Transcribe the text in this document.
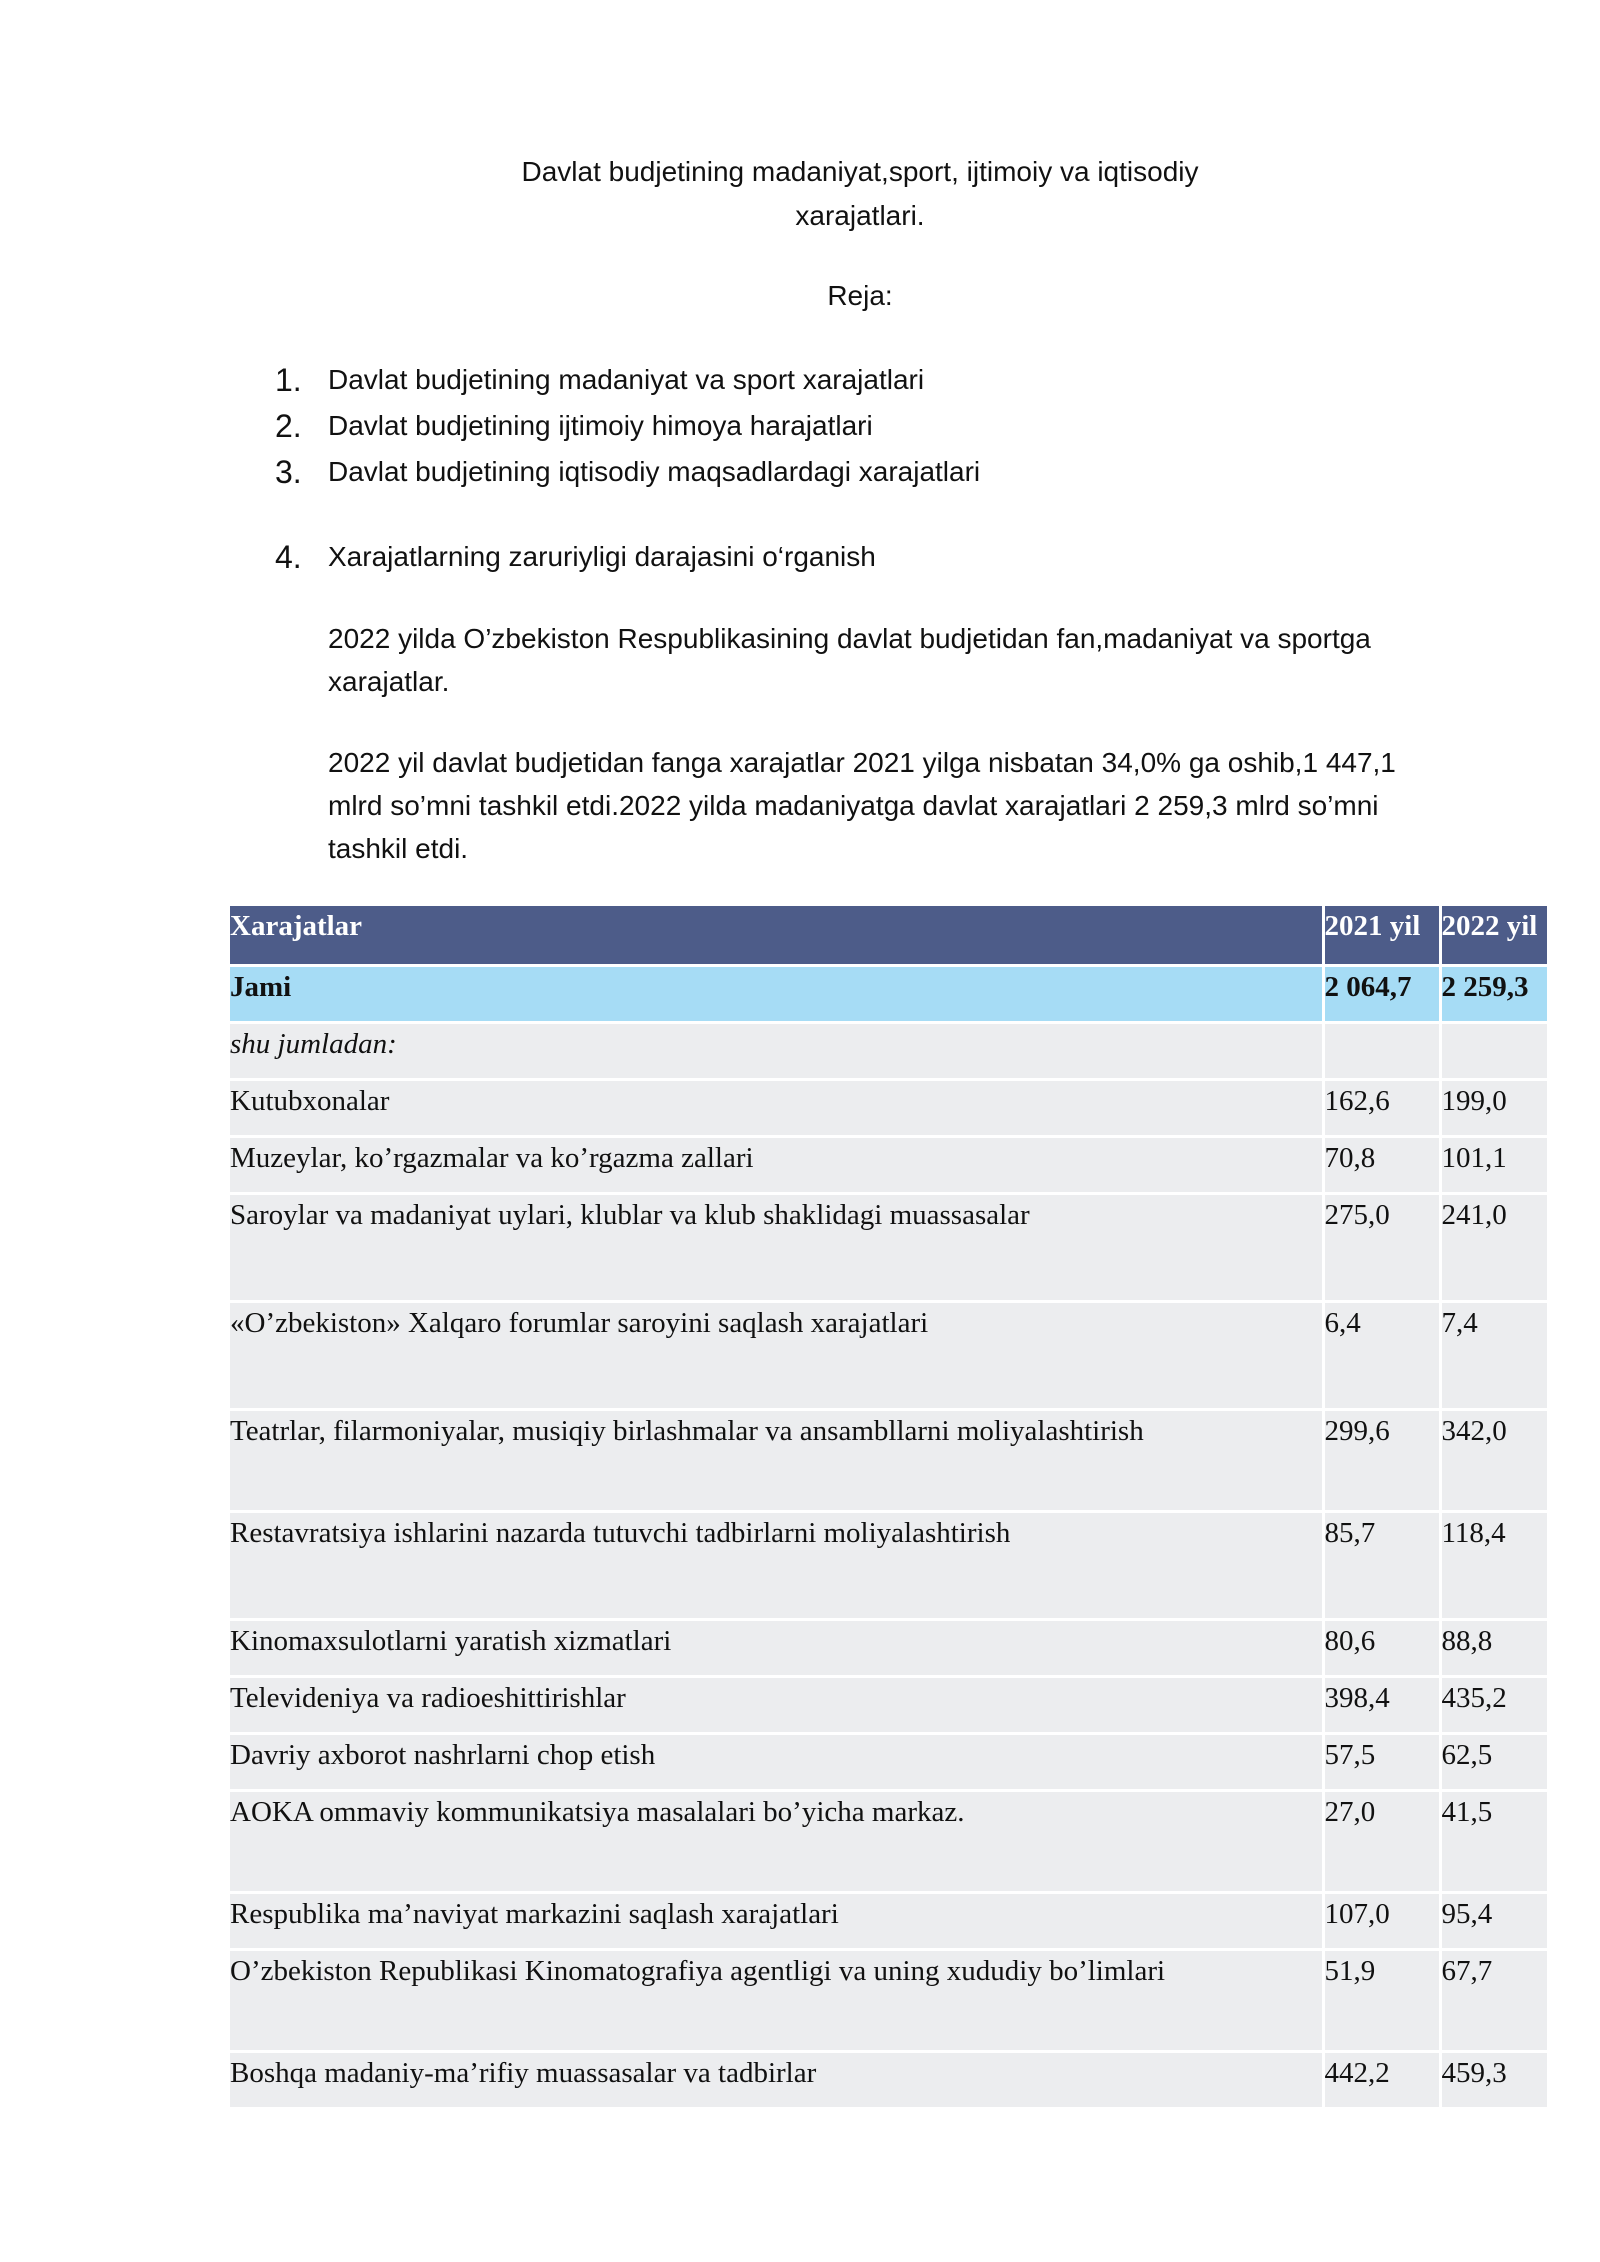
Davlat budjetining madaniyat,sport, ijtimoiy va iqtisodiy
xarajatlari.
Reja:
1. Davlat budjetining madaniyat va sport xarajatlari
2. Davlat budjetining ijtimoiy himoya harajatlari
3. Davlat budjetining iqtisodiy maqsadlardagi xarajatlari
4. Xarajatlarning zaruriyligi darajasini o‘rganish
2022 yilda O’zbekiston Respublikasining davlat budjetidan fan,madaniyat va sportga
xarajatlar.
2022 yil davlat budjetidan fanga xarajatlar 2021 yilga nisbatan 34,0% ga oshib,1 447,1
mlrd so’mni tashkil etdi.2022 yilda madaniyatga davlat xarajatlari 2 259,3 mlrd so’mni
tashkil etdi.
Xarajatlar	2021 yil	2022 yil
Jami	2 064,7	2 259,3
shu jumladan:		
Kutubxonalar	162,6	199,0
Muzeylar, ko’rgazmalar va ko’rgazma zallari	70,8	101,1
Saroylar va madaniyat uylari, klublar va klub shaklidagi muassasalar	275,0	241,0
«O’zbekiston» Xalqaro forumlar saroyini saqlash xarajatlari	6,4	7,4
Teatrlar, filarmoniyalar, musiqiy birlashmalar va ansambllarni moliyalashtirish	299,6	342,0
Restavratsiya ishlarini nazarda tutuvchi tadbirlarni moliyalashtirish	85,7	118,4
Kinomaxsulotlarni yaratish xizmatlari	80,6	88,8
Televideniya va radioeshittirishlar	398,4	435,2
Davriy axborot nashrlarni chop etish	57,5	62,5
AOKA ommaviy kommunikatsiya masalalari bo’yicha markaz.	27,0	41,5
Respublika ma’naviyat markazini saqlash xarajatlari	107,0	95,4
O’zbekiston Republikasi Kinomatografiya agentligi va uning xududiy bo’limlari	51,9	67,7
Boshqa madaniy-ma’rifiy muassasalar va tadbirlar	442,2	459,3
